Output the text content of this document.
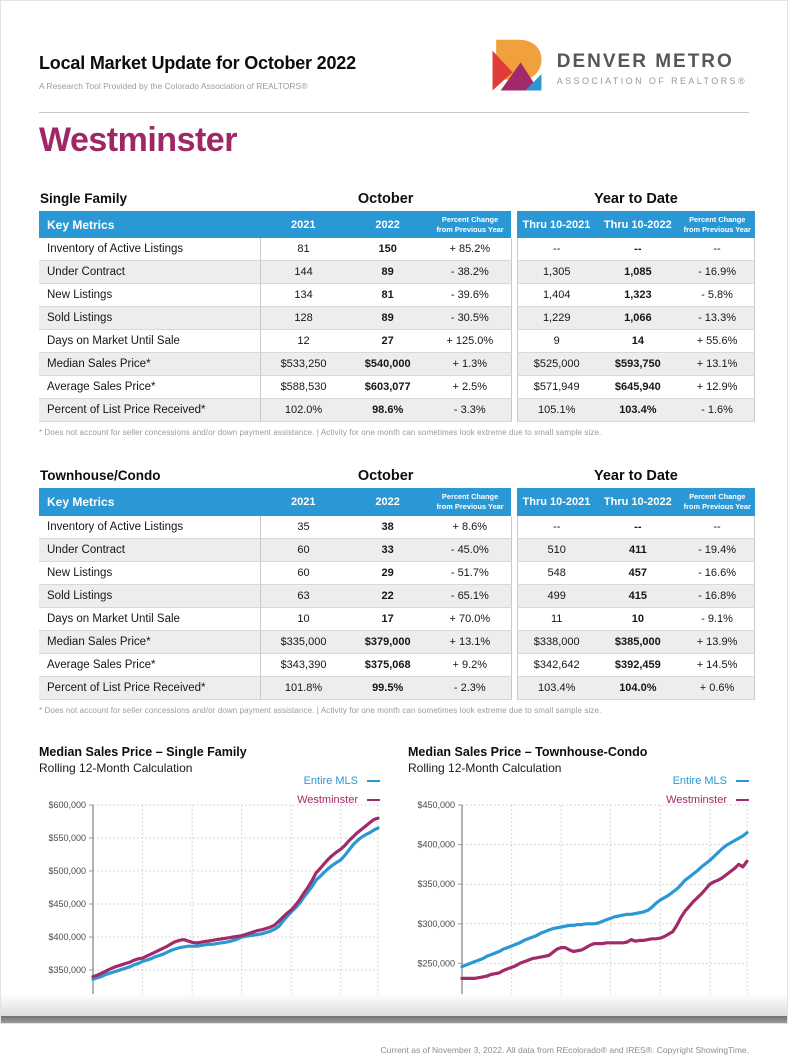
Local Market Update for October 2022
A Research Tool Provided by the Colorado Association of REALTORS®
DENVER METRO
ASSOCIATION OF REALTORS®
Westminster
Single Family	October				Year to Date		
Key Metrics	2021	2022	Percent Change
from Previous Year		Thru 10-2021	Thru 10-2022	Percent Change
from Previous Year
Inventory of Active Listings	81	150	+ 85.2%		--	--	--
Under Contract	144	89	- 38.2%		1,305	1,085	- 16.9%
New Listings	134	81	- 39.6%		1,404	1,323	- 5.8%
Sold Listings	128	89	- 30.5%		1,229	1,066	- 13.3%
Days on Market Until Sale	12	27	+ 125.0%		9	14	+ 55.6%
Median Sales Price*	$533,250	$540,000	+ 1.3%		$525,000	$593,750	+ 13.1%
Average Sales Price*	$588,530	$603,077	+ 2.5%		$571,949	$645,940	+ 12.9%
Percent of List Price Received*	102.0%	98.6%	- 3.3%		105.1%	103.4%	- 1.6%
* Does not account for seller concessions and/or down payment assistance. | Activity for one month can sometimes look extreme due to small sample size.
Townhouse/Condo	October				Year to Date		
Key Metrics	2021	2022	Percent Change
from Previous Year		Thru 10-2021	Thru 10-2022	Percent Change
from Previous Year
Inventory of Active Listings	35	38	+ 8.6%		--	--	--
Under Contract	60	33	- 45.0%		510	411	- 19.4%
New Listings	60	29	- 51.7%		548	457	- 16.6%
Sold Listings	63	22	- 65.1%		499	415	- 16.8%
Days on Market Until Sale	10	17	+ 70.0%		11	10	- 9.1%
Median Sales Price*	$335,000	$379,000	+ 13.1%		$338,000	$385,000	+ 13.9%
Average Sales Price*	$343,390	$375,068	+ 9.2%		$342,642	$392,459	+ 14.5%
Percent of List Price Received*	101.8%	99.5%	- 2.3%		103.4%	104.0%	+ 0.6%
* Does not account for seller concessions and/or down payment assistance. | Activity for one month can sometimes look extreme due to small sample size.
Median Sales Price – Single Family
Rolling 12-Month Calculation
Entire MLS
Westminster
$350,000
$400,000
$450,000
$500,000
$550,000
$600,000
Median Sales Price – Townhouse-Condo
Rolling 12-Month Calculation
Entire MLS
Westminster
$250,000
$300,000
$350,000
$400,000
$450,000
Current as of November 3, 2022. All data from REcolorado® and IRES®. Copyright ShowingTime.
